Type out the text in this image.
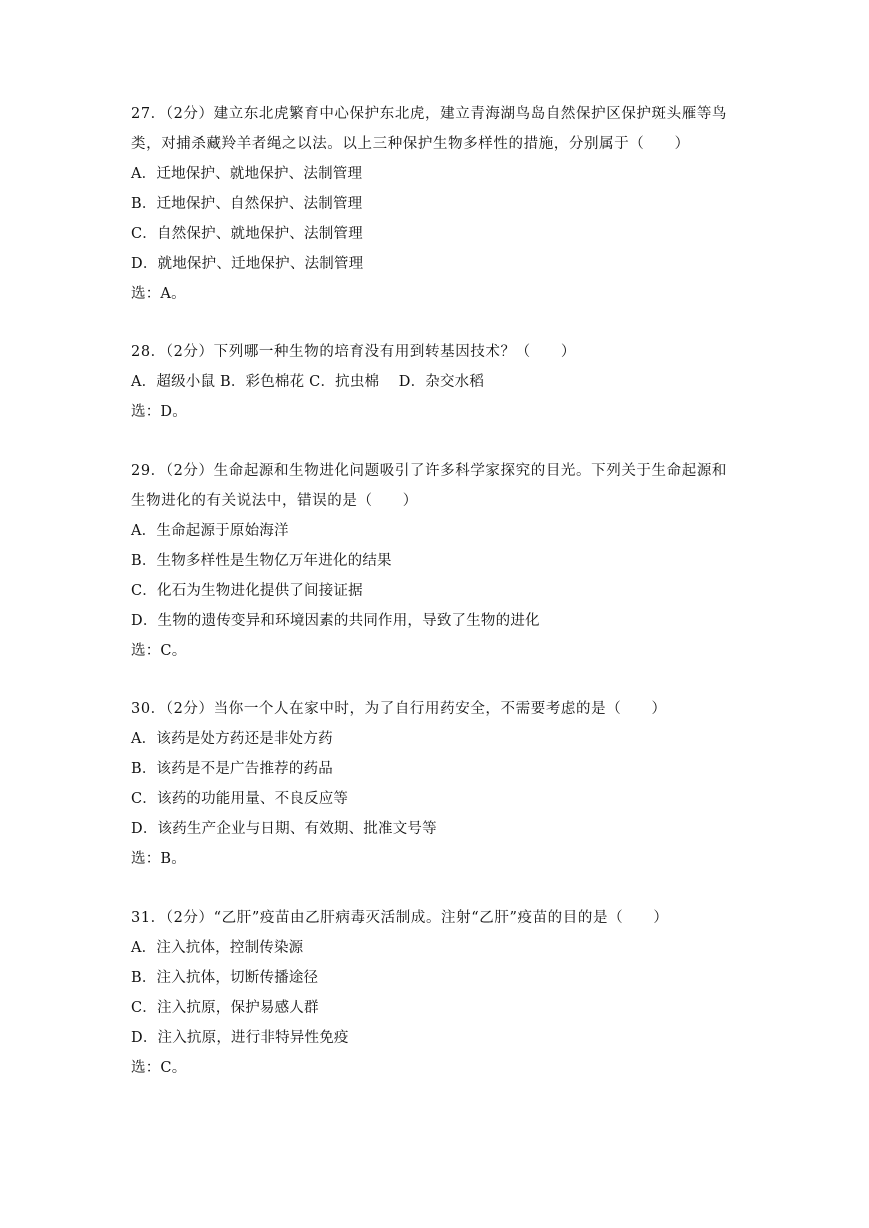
27．（2分）建立东北虎繁育中心保护东北虎，建立青海湖鸟岛自然保护区保护斑头雁等鸟
类，对捕杀藏羚羊者绳之以法。以上三种保护生物多样性的措施，分别属于（　　）
A．迁地保护、就地保护、法制管理
B．迁地保护、自然保护、法制管理
C．自然保护、就地保护、法制管理
D．就地保护、迁地保护、法制管理
选：A。
28．（2分）下列哪一种生物的培育没有用到转基因技术？（　　）
A．超级小鼠 B．彩色棉花 C．抗虫棉　 D．杂交水稻
选：D。
29．（2分）生命起源和生物进化问题吸引了许多科学家探究的目光。下列关于生命起源和
生物进化的有关说法中，错误的是（　　）
A．生命起源于原始海洋
B．生物多样性是生物亿万年进化的结果
C．化石为生物进化提供了间接证据
D．生物的遗传变异和环境因素的共同作用，导致了生物的进化
选：C。
30．（2分）当你一个人在家中时，为了自行用药安全，不需要考虑的是（　　）
A．该药是处方药还是非处方药
B．该药是不是广告推荐的药品
C．该药的功能用量、不良反应等
D．该药生产企业与日期、有效期、批准文号等
选：B。
31．（2分）“乙肝”疫苗由乙肝病毒灭活制成。注射“乙肝”疫苗的目的是（　　）
A．注入抗体，控制传染源
B．注入抗体，切断传播途径
C．注入抗原，保护易感人群
D．注入抗原，进行非特异性免疫
选：C。
